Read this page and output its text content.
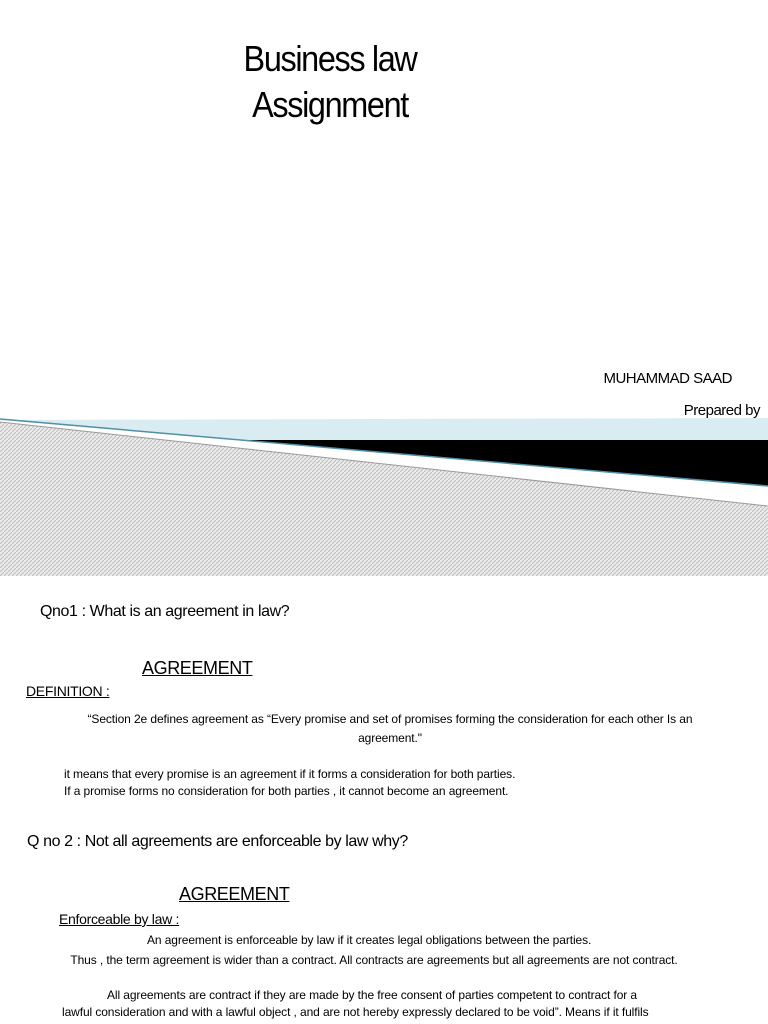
Business law
Assignment
MUHAMMAD SAAD
Prepared by
Qno1 : What is an agreement in law?
AGREEMENT
DEFINITION :
“Section 2e defines agreement as “Every promise and set of promises forming the consideration for each other Is an agreement."
it means that every promise is an agreement if it forms a consideration for both parties.
If a promise forms no consideration for both parties , it cannot become an agreement.
Q no 2 : Not all agreements are enforceable by law why?
AGREEMENT
Enforceable by law :
An agreement is enforceable by law if it creates legal obligations between the parties.
Thus , the term agreement is wider than a contract. All contracts are agreements but all agreements are not contract.
All agreements are contract if they are made by the free consent of parties competent to contract for a
lawful consideration and with a lawful object , and are not hereby expressly declared to be void”. Means if it fulfils
